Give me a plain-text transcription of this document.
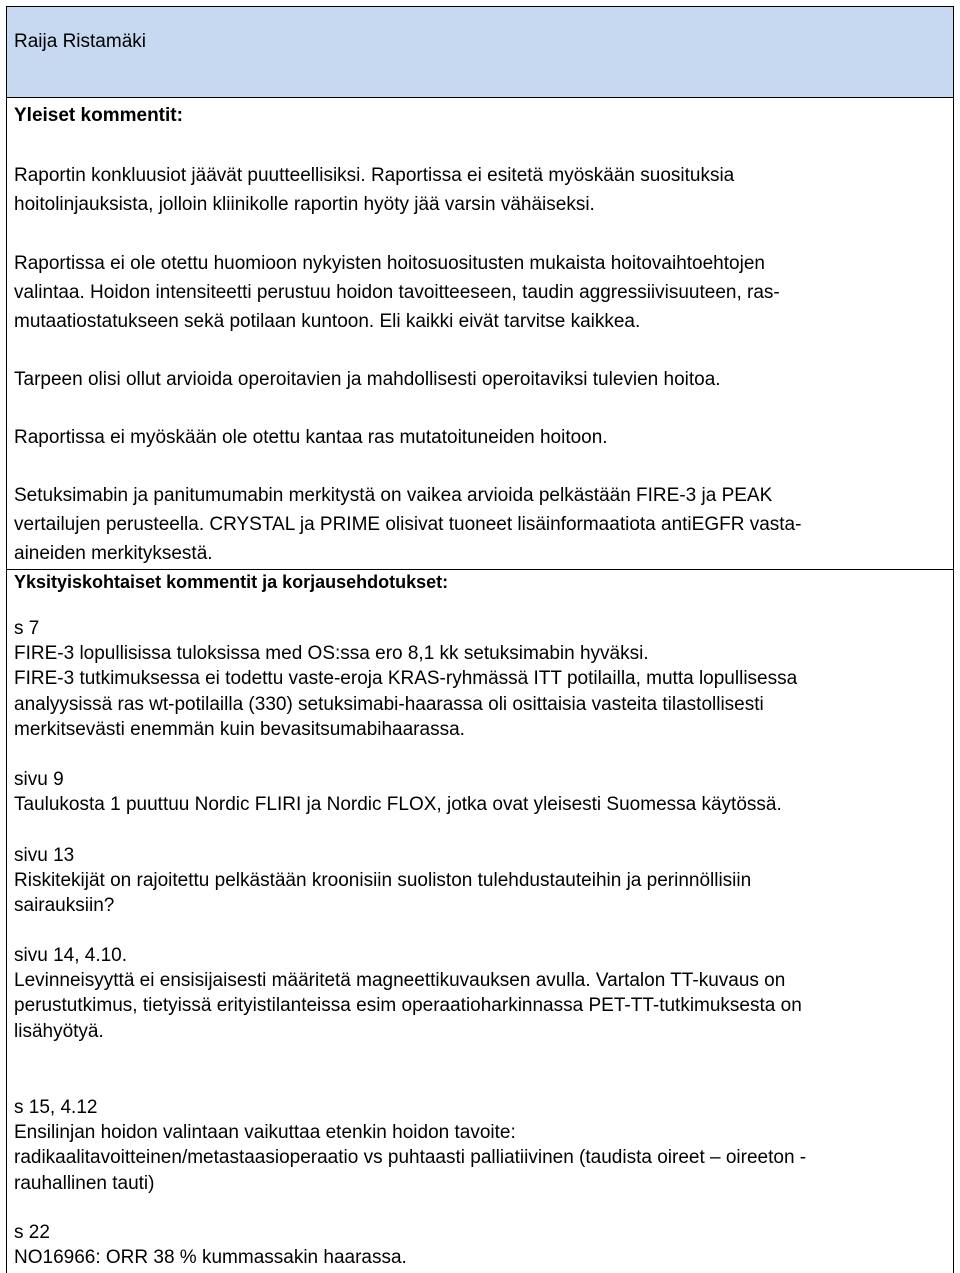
Raija Ristamäki
Yleiset kommentit:

Raportin konkluusiot jäävät puutteellisiksi. Raportissa ei esitetä myöskään suosituksia

hoitolinjauksista, jolloin kliinikolle raportin hyöty jää varsin vähäiseksi.

Raportissa ei ole otettu huomioon nykyisten hoitosuositusten mukaista hoitovaihtoehtojen

valintaa. Hoidon intensiteetti perustuu hoidon tavoitteeseen, taudin aggressiivisuuteen, ras-

mutaatiostatukseen sekä potilaan kuntoon. Eli kaikki eivät tarvitse kaikkea.

Tarpeen olisi ollut arvioida operoitavien ja mahdollisesti operoitaviksi tulevien hoitoa.

Raportissa ei myöskään ole otettu kantaa ras mutatoituneiden hoitoon.

Setuksimabin ja panitumumabin merkitystä on vaikea arvioida pelkästään FIRE-3 ja PEAK

vertailujen perusteella. CRYSTAL ja PRIME olisivat tuoneet lisäinformaatiota antiEGFR vasta-

aineiden merkityksestä.

Yksityiskohtaiset kommentit ja korjausehdotukset:

s 7

FIRE-3 lopullisissa tuloksissa med OS:ssa ero 8,1 kk setuksimabin hyväksi.

FIRE-3 tutkimuksessa ei todettu vaste-eroja KRAS-ryhmässä ITT potilailla, mutta lopullisessa

analyysissä ras wt-potilailla (330) setuksimabi-haarassa oli osittaisia vasteita tilastollisesti

merkitsevästi enemmän kuin bevasitsumabihaarassa.

sivu 9

Taulukosta 1 puuttuu Nordic FLIRI ja Nordic FLOX, jotka ovat yleisesti Suomessa käytössä.

sivu 13

Riskitekijät on rajoitettu pelkästään kroonisiin suoliston tulehdustauteihin ja perinnöllisiin

sairauksiin?

sivu 14, 4.10.

Levinneisyyttä ei ensisijaisesti määritetä magneettikuvauksen avulla. Vartalon TT-kuvaus on

perustutkimus, tietyissä erityistilanteissa esim operaatioharkinnassa PET-TT-tutkimuksesta on

lisähyötyä.

s 15, 4.12

Ensilinjan hoidon valintaan vaikuttaa etenkin hoidon tavoite:

radikaalitavoitteinen/metastaasioperaatio vs puhtaasti palliatiivinen (taudista oireet – oireeton -

rauhallinen tauti)

s 22

NO16966: ORR 38 % kummassakin haarassa.
